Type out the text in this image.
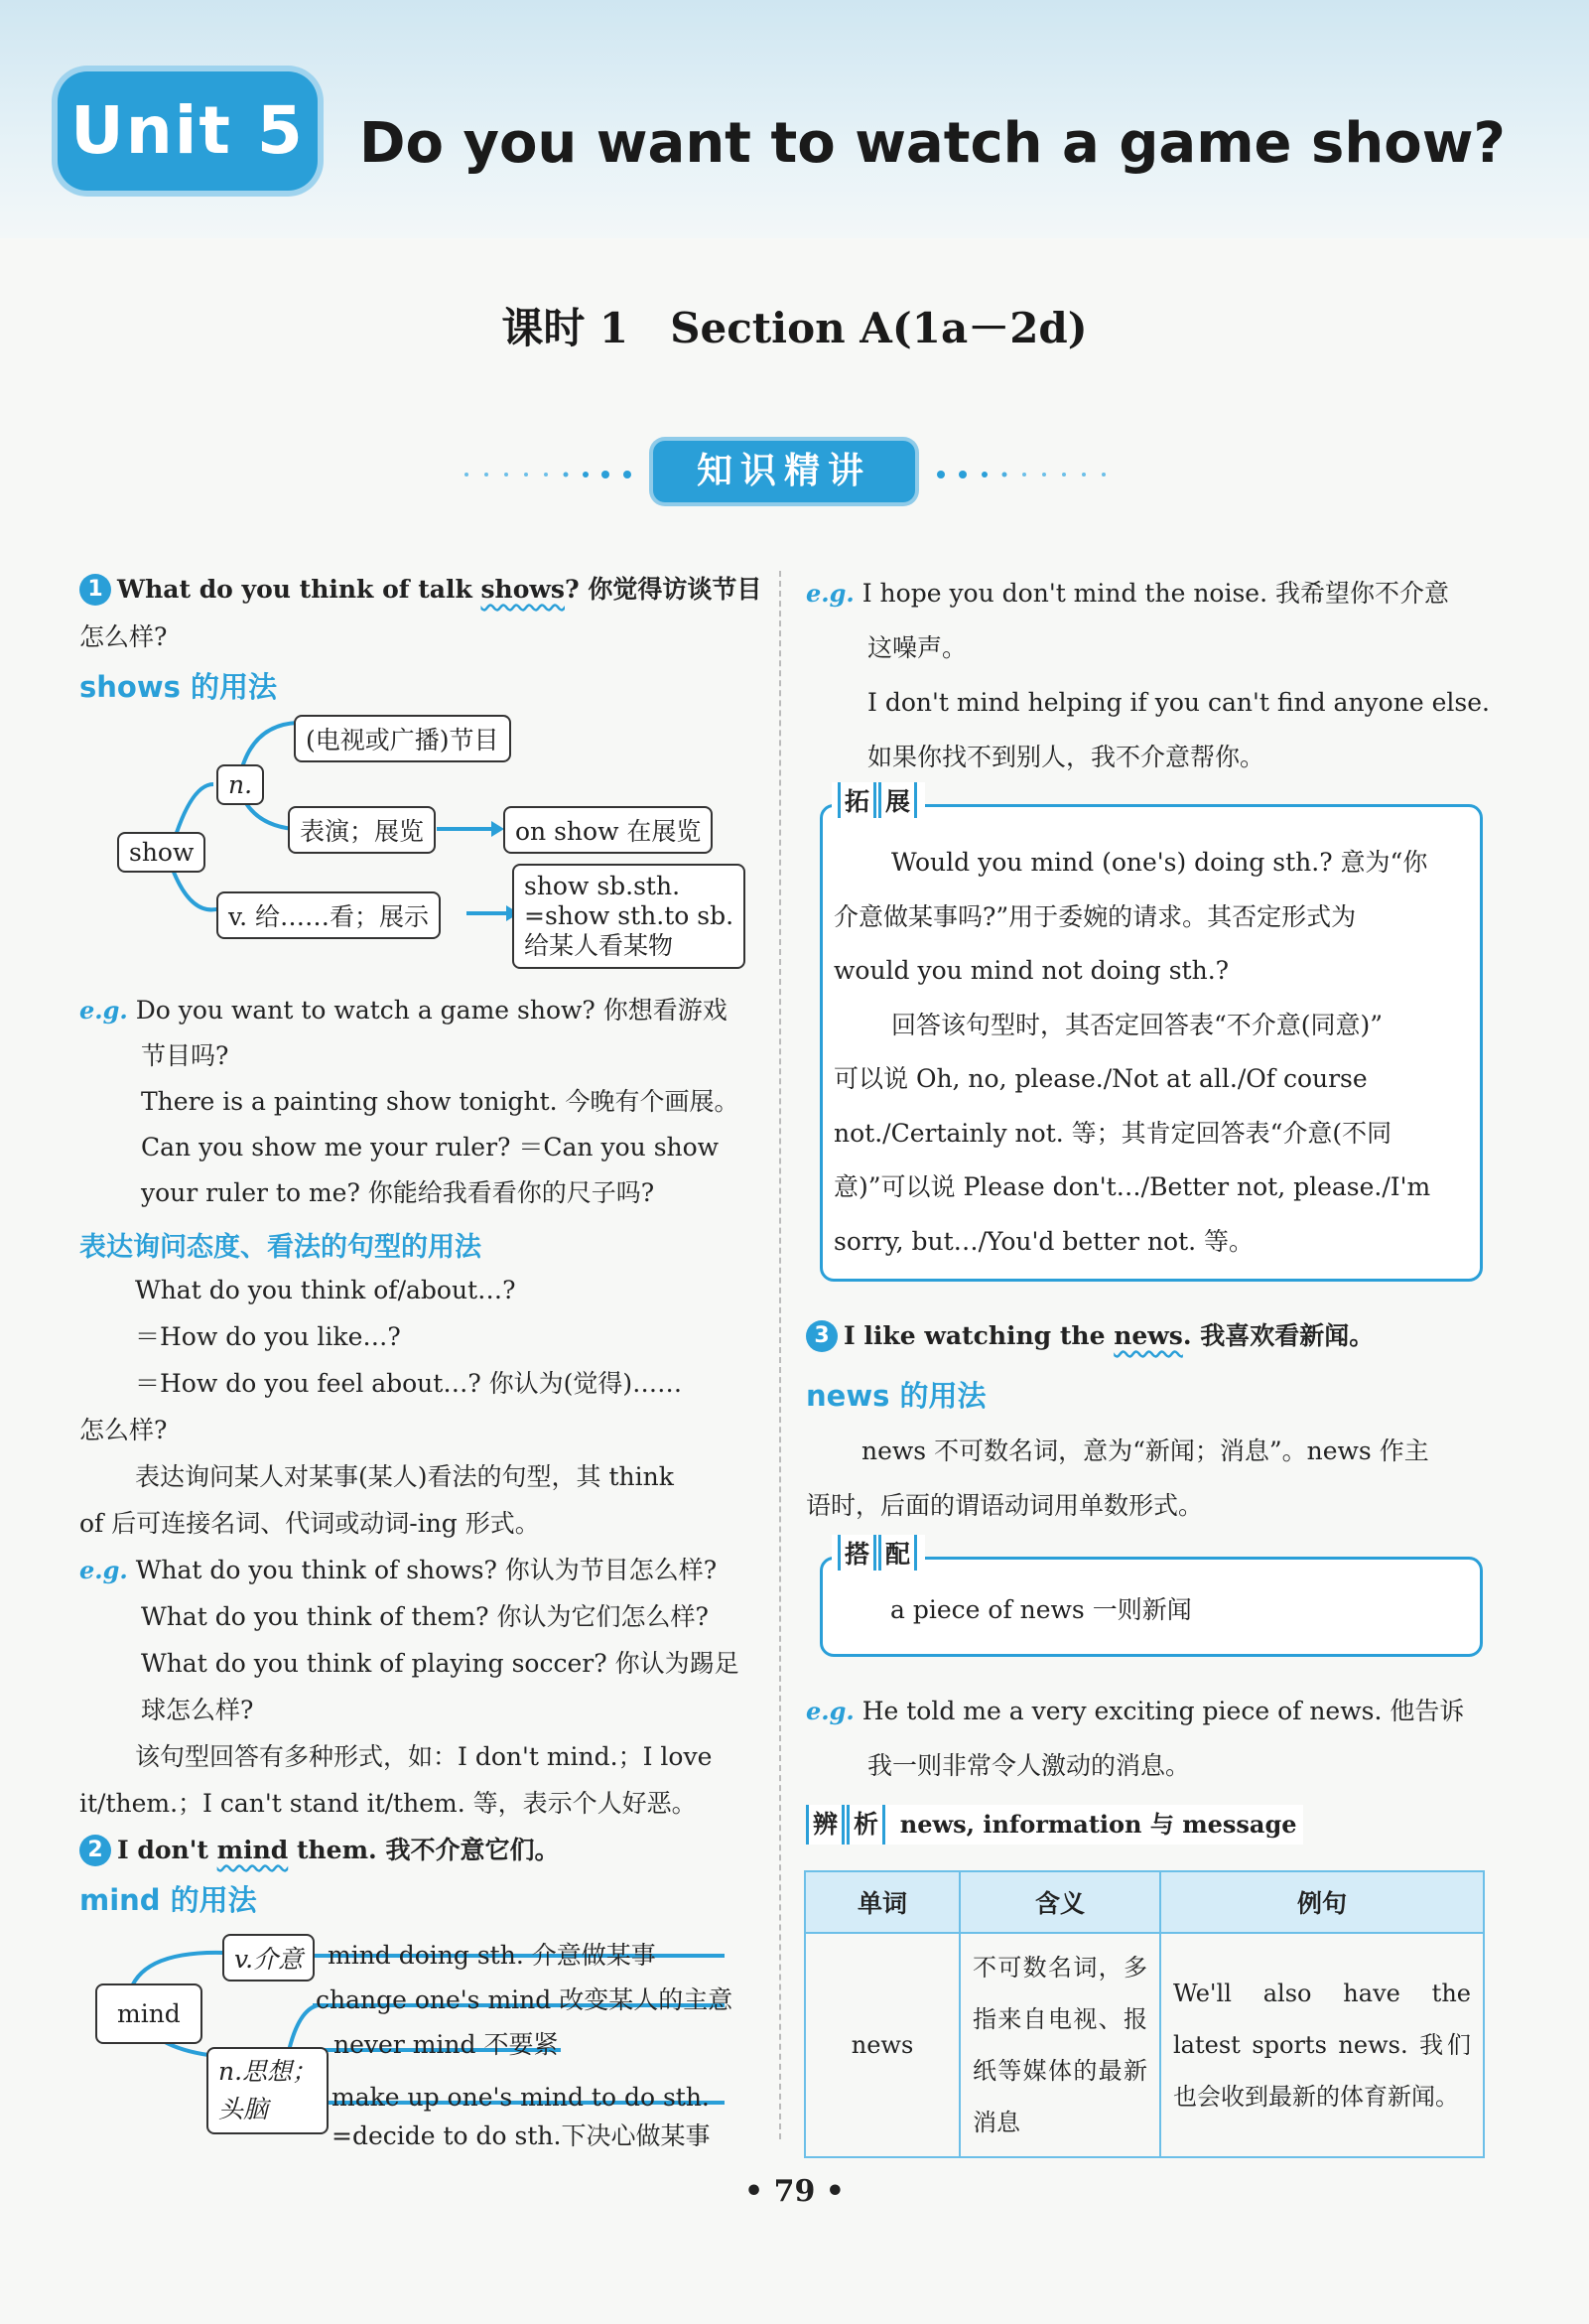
Unit 5 Do you want to watch a game show?
课时 1　Section A(1a－2d)
知识精讲
1 What do you think of talk shows? 你觉得访谈节目
怎么样?
shows 的用法
show
n.
(电视或广播)节目
表演；展览	on show 在展览
v. 给……看；展示
show sb.sth.
=show sth.to sb.
给某人看某物
e.g. Do you want to watch a game show? 你想看游戏
节目吗?
There is a painting show tonight. 今晚有个画展。
Can you show me your ruler? ＝Can you show
your ruler to me? 你能给我看看你的尺子吗?
表达询问态度、看法的句型的用法
What do you think of/about…?
＝How do you like…?
＝How do you feel about…? 你认为(觉得)……
怎么样?
表达询问某人对某事(某人)看法的句型，其 think
of 后可连接名词、代词或动词-ing 形式。
e.g. What do you think of shows? 你认为节目怎么样?
What do you think of them? 你认为它们怎么样?
What do you think of playing soccer? 你认为踢足
球怎么样?
该句型回答有多种形式，如：I don't mind.；I love
it/them.；I can't stand it/them. 等，表示个人好恶。
2 I don't mind them. 我不介意它们。
mind 的用法
mind
v.介意 mind doing sth. 介意做某事
n.思想；
头脑
change one's mind 改变某人的主意
never mind 不要紧
make up one's mind to do sth.
=decide to do sth.下决心做某事
e.g. I hope you don't mind the noise. 我希望你不介意
这噪声。
I don't mind helping if you can't find anyone else.
如果你找不到别人，我不介意帮你。
拓 展
Would you mind (one's) doing sth.? 意为“你
介意做某事吗?”用于委婉的请求。其否定形式为
would you mind not doing sth.?
回答该句型时，其否定回答表“不介意(同意)”
可以说 Oh, no, please./Not at all./Of course
not./Certainly not. 等；其肯定回答表“介意(不同
意)”可以说 Please don't…/Better not, please./I'm
sorry, but…/You'd better not. 等。
3 I like watching the news. 我喜欢看新闻。
news 的用法
news 不可数名词，意为“新闻；消息”。news 作主
语时，后面的谓语动词用单数形式。
搭 配
a piece of news 一则新闻
e.g. He told me a very exciting piece of news. 他告诉
我一则非常令人激动的消息。
辨 析 news, information 与 message
单词	含义	例句
news	不可数名词，多指来自电视、报纸等媒体的最新消息	We'll also have the latest sports news. 我们也会收到最新的体育新闻。
• 79 •
